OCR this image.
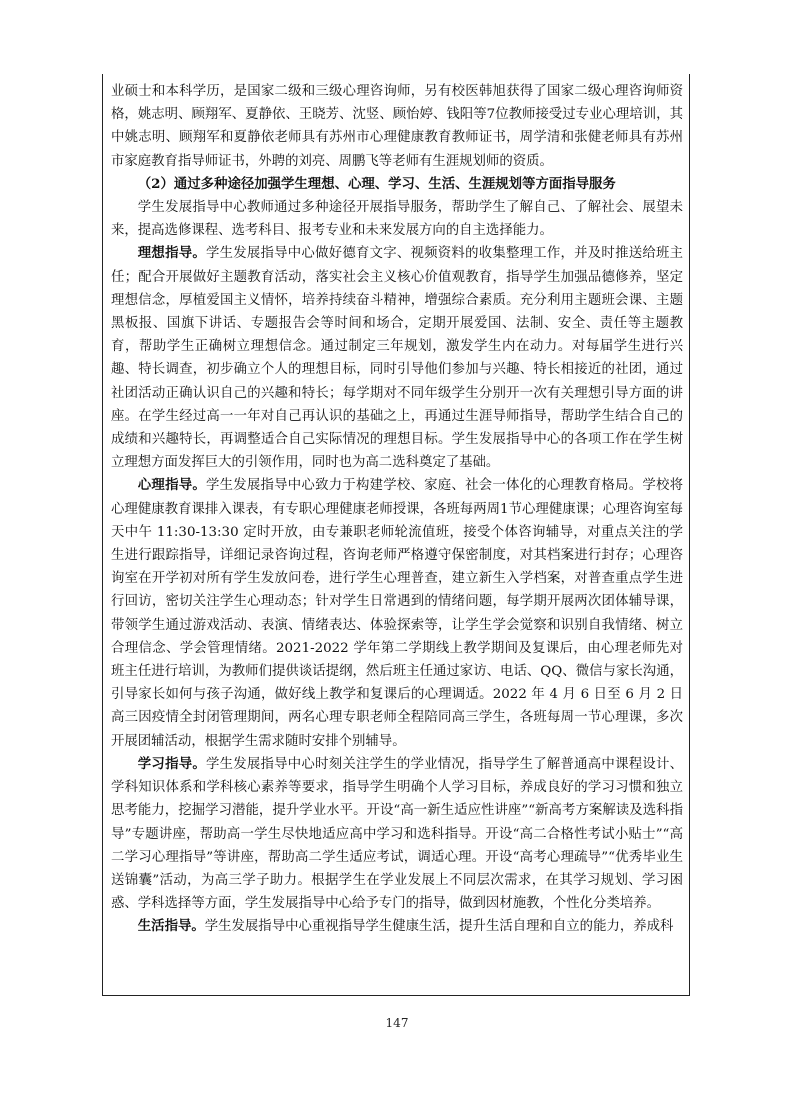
业硕士和本科学历，是国家二级和三级心理咨询师，另有校医韩旭获得了国家二级心理咨询师资格，姚志明、顾翔军、夏静依、王晓芳、沈竖、顾怡婷、钱阳等7位教师接受过专业心理培训，其中姚志明、顾翔军和夏静依老师具有苏州市心理健康教育教师证书，周学清和张健老师具有苏州市家庭教育指导师证书，外聘的刘亮、周鹏飞等老师有生涯规划师的资质。

（2）通过多种途径加强学生理想、心理、学习、生活、生涯规划等方面指导服务

学生发展指导中心教师通过多种途径开展指导服务，帮助学生了解自己、了解社会、展望未来，提高选修课程、选考科目、报考专业和未来发展方向的自主选择能力。

理想指导。学生发展指导中心做好德育文字、视频资料的收集整理工作，并及时推送给班主任；配合开展做好主题教育活动，落实社会主义核心价值观教育，指导学生加强品德修养，坚定理想信念，厚植爱国主义情怀，培养持续奋斗精神，增强综合素质。充分利用主题班会课、主题黑板报、国旗下讲话、专题报告会等时间和场合，定期开展爱国、法制、安全、责任等主题教育，帮助学生正确树立理想信念。通过制定三年规划，激发学生内在动力。对每届学生进行兴趣、特长调查，初步确立个人的理想目标，同时引导他们参加与兴趣、特长相接近的社团，通过社团活动正确认识自己的兴趣和特长；每学期对不同年级学生分别开一次有关理想引导方面的讲座。在学生经过高一一年对自己再认识的基础之上，再通过生涯导师指导，帮助学生结合自己的成绩和兴趣特长，再调整适合自己实际情况的理想目标。学生发展指导中心的各项工作在学生树立理想方面发挥巨大的引领作用，同时也为高二选科奠定了基础。

心理指导。学生发展指导中心致力于构建学校、家庭、社会一体化的心理教育格局。学校将心理健康教育课排入课表，有专职心理健康老师授课，各班每两周1节心理健康课；心理咨询室每天中午 11:30-13:30 定时开放，由专兼职老师轮流值班，接受个体咨询辅导，对重点关注的学生进行跟踪指导，详细记录咨询过程，咨询老师严格遵守保密制度，对其档案进行封存；心理咨询室在开学初对所有学生发放问卷，进行学生心理普查，建立新生入学档案，对普查重点学生进行回访，密切关注学生心理动态；针对学生日常遇到的情绪问题，每学期开展两次团体辅导课，带领学生通过游戏活动、表演、情绪表达、体验探索等，让学生学会觉察和识别自我情绪、树立合理信念、学会管理情绪。2021-2022 学年第二学期线上教学期间及复课后，由心理老师先对班主任进行培训，为教师们提供谈话提纲，然后班主任通过家访、电话、QQ、微信与家长沟通，引导家长如何与孩子沟通，做好线上教学和复课后的心理调适。2022 年 4 月 6 日至 6 月 2 日高三因疫情全封闭管理期间，两名心理专职老师全程陪同高三学生，各班每周一节心理课，多次开展团辅活动，根据学生需求随时安排个别辅导。

学习指导。学生发展指导中心时刻关注学生的学业情况，指导学生了解普通高中课程设计、学科知识体系和学科核心素养等要求，指导学生明确个人学习目标，养成良好的学习习惯和独立思考能力，挖掘学习潜能，提升学业水平。开设“高一新生适应性讲座”“新高考方案解读及选科指导”专题讲座，帮助高一学生尽快地适应高中学习和选科指导。开设“高二合格性考试小贴士”“高二学习心理指导”等讲座，帮助高二学生适应考试，调适心理。开设“高考心理疏导”“优秀毕业生送锦囊”活动，为高三学子助力。根据学生在学业发展上不同层次需求，在其学习规划、学习困惑、学科选择等方面，学生发展指导中心给予专门的指导，做到因材施教，个性化分类培养。

生活指导。学生发展指导中心重视指导学生健康生活，提升生活自理和自立的能力，养成科

147
